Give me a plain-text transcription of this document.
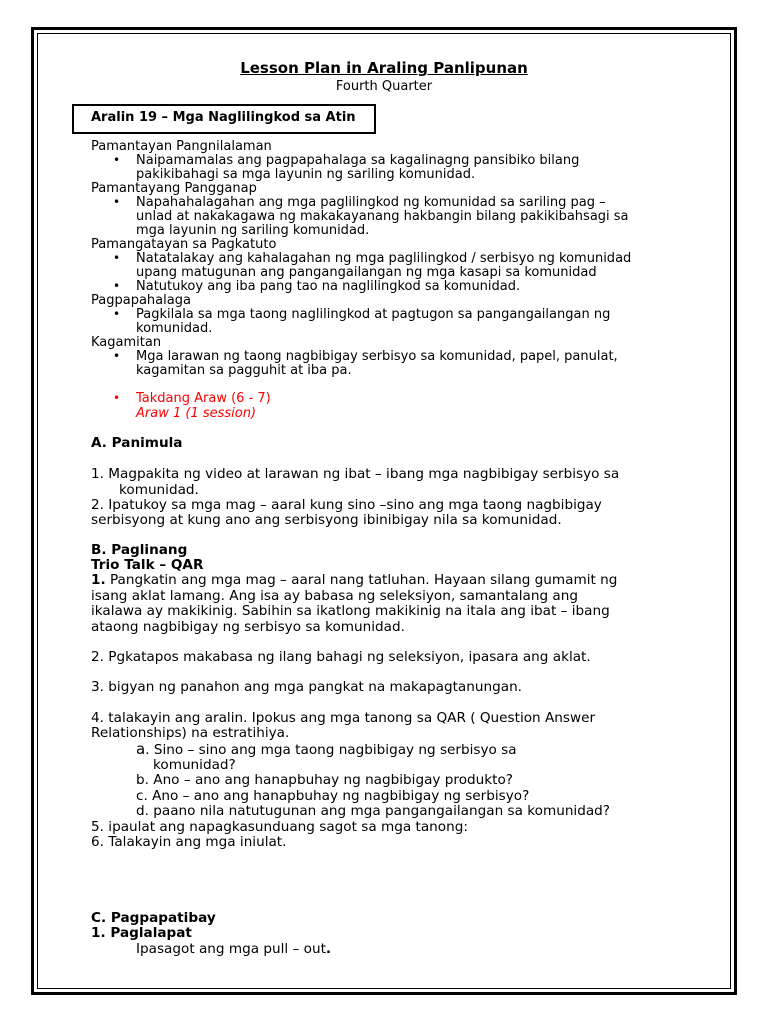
Lesson Plan in Araling Panlipunan
Fourth Quarter
Aralin 19 – Mga Naglilingkod sa Atin
Pamantayan Pangnilalaman
• Naipamamalas ang pagpapahalaga sa kagalinagng pansibiko bilang
pakikibahagi sa mga layunin ng sariling komunidad.
Pamantayang Pangganap
• Napahahalagahan ang mga paglilingkod ng komunidad sa sariling pag –
unlad at nakakagawa ng makakayanang hakbangin bilang pakikibahsagi sa
mga layunin ng sariling komunidad.
Pamangatayan sa Pagkatuto
• Natatalakay ang kahalagahan ng mga paglilingkod / serbisyo ng komunidad
upang matugunan ang pangangailangan ng mga kasapi sa komunidad
• Natutukoy ang iba pang tao na naglilingkod sa komunidad.
Pagpapahalaga
• Pagkilala sa mga taong naglilingkod at pagtugon sa pangangailangan ng
komunidad.
Kagamitan
• Mga larawan ng taong nagbibigay serbisyo sa komunidad, papel, panulat,
kagamitan sa pagguhit at iba pa.
• Takdang Araw (6 - 7)
Araw 1 (1 session)
A. Panimula
1. Magpakita ng video at larawan ng ibat – ibang mga nagbibigay serbisyo sa
komunidad.
2. Ipatukoy sa mga mag – aaral kung sino –sino ang mga taong nagbibigay
serbisyong at kung ano ang serbisyong ibinibigay nila sa komunidad.
B. Paglinang
Trio Talk – QAR
1. Pangkatin ang mga mag – aaral nang tatluhan. Hayaan silang gumamit ng
isang aklat lamang. Ang isa ay babasa ng seleksiyon, samantalang ang
ikalawa ay makikinig. Sabihin sa ikatlong makikinig na itala ang ibat – ibang
ataong nagbibigay ng serbisyo sa komunidad.
2. Pgkatapos makabasa ng ilang bahagi ng seleksiyon, ipasara ang aklat.
3. bigyan ng panahon ang mga pangkat na makapagtanungan.
4. talakayin ang aralin. Ipokus ang mga tanong sa QAR ( Question Answer
Relationships) na estratihiya.
a. Sino – sino ang mga taong nagbibigay ng serbisyo sa
komunidad?
b. Ano – ano ang hanapbuhay ng nagbibigay produkto?
c. Ano – ano ang hanapbuhay ng nagbibigay ng serbisyo?
d. paano nila natutugunan ang mga pangangailangan sa komunidad?
5. ipaulat ang napagkasunduang sagot sa mga tanong:
6. Talakayin ang mga iniulat.
C. Pagpapatibay
1. Paglalapat
Ipasagot ang mga pull – out.
